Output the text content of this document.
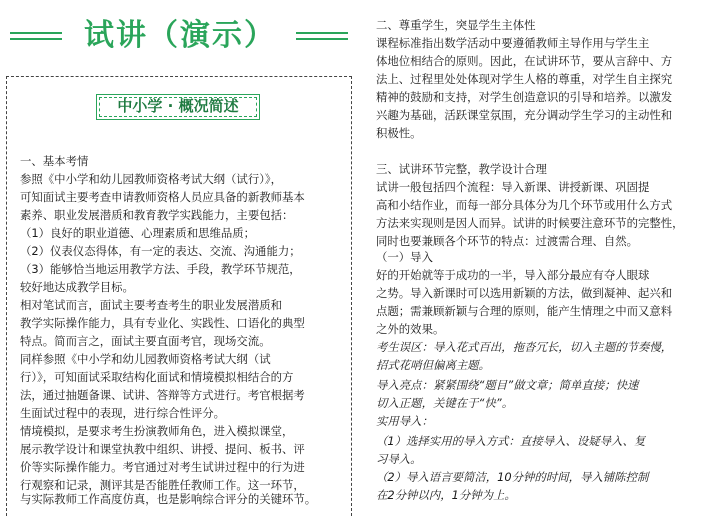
试讲（演示）
中小学 · 概况简述
一、基本考情
参照《中小学和幼儿园教师资格考试大纲（试行）》，
可知面试主要考查申请教师资格人员应具备的新教师基本
素养、职业发展潜质和教育教学实践能力，主要包括：
（1）良好的职业道德、心理素质和思维品质；
（2）仪表仪态得体，有一定的表达、交流、沟通能力；
（3）能够恰当地运用教学方法、手段，教学环节规范，
较好地达成教学目标。
相对笔试而言，面试主要考查考生的职业发展潜质和
教学实际操作能力，具有专业化、实践性、口语化的典型
特点。简而言之，面试主要直面考官，现场交流。
同样参照《中小学和幼儿园教师资格考试大纲（试
行）》，可知面试采取结构化面试和情境模拟相结合的方
法，通过抽题备课、试讲、答辩等方式进行。考官根据考
生面试过程中的表现，进行综合性评分。
情境模拟，是要求考生扮演教师角色，进入模拟课堂，
展示教学设计和课堂执教中组织、讲授、提问、板书、评
价等实际操作能力。考官通过对考生试讲过程中的行为进
行观察和记录，测评其是否能胜任教师工作。这一环节，
与实际教师工作高度仿真，也是影响综合评分的关键环节。
二、尊重学生，突显学生主体性
课程标准指出数学活动中要遵循教师主导作用与学生主
体地位相结合的原则。因此，在试讲环节，要从言辞中、方
法上、过程里处处体现对学生人格的尊重，对学生自主探究
精神的鼓励和支持，对学生创造意识的引导和培养。以激发
兴趣为基础，活跃课堂氛围，充分调动学生学习的主动性和
积极性。
三、试讲环节完整，教学设计合理
试讲一般包括四个流程：导入新课、讲授新课、巩固提
高和小结作业，而每一部分具体分为几个环节或用什么方式
方法来实现则是因人而异。试讲的时候要注意环节的完整性，
同时也要兼顾各个环节的特点：过渡需合理、自然。
（一）导入
好的开始就等于成功的一半，导入部分最应有夺人眼球
之势。导入新课时可以选用新颖的方法，做到凝神、起兴和
点题；需兼顾新颖与合理的原则，能产生情理之中而又意料
之外的效果。
考生误区：导入花式百出，拖沓冗长，切入主题的节奏慢，
招式花哨但偏离主题。
导入亮点：紧紧围绕“题目”做文章；简单直接；快速
切入正题，关键在于“快”。
实用导入：
（1）选择实用的导入方式：直接导入、设疑导入、复
习导入。
（2）导入语言要简洁，10分钟的时间，导入铺陈控制
在2分钟以内，1分钟为上。
